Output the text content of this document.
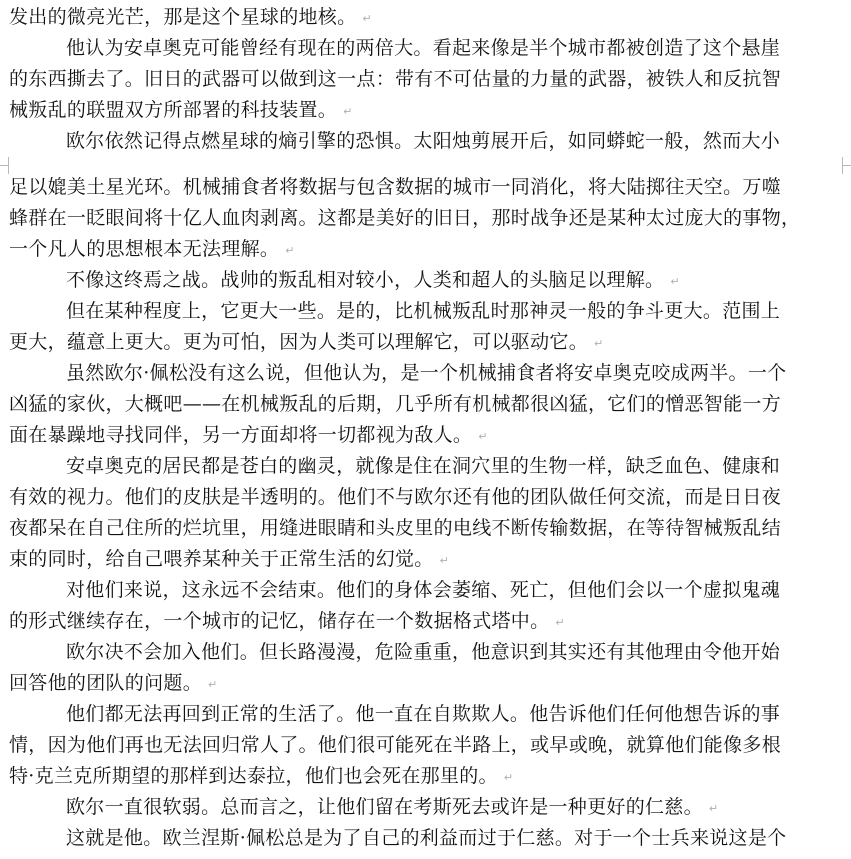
发出的微亮光芒，那是这个星球的地核。 ↵
他认为安卓奥克可能曾经有现在的两倍大。看起来像是半个城市都被创造了这个悬崖
的东西撕去了。旧日的武器可以做到这一点：带有不可估量的力量的武器，被铁人和反抗智
械叛乱的联盟双方所部署的科技装置。 ↵
欧尔依然记得点燃星球的熵引擎的恐惧。太阳烛剪展开后，如同蟒蛇一般，然而大小
足以媲美土星光环。机械捕食者将数据与包含数据的城市一同消化，将大陆掷往天空。万噬
蜂群在一眨眼间将十亿人血肉剥离。这都是美好的旧日，那时战争还是某种太过庞大的事物，
一个凡人的思想根本无法理解。 ↵
不像这终焉之战。战帅的叛乱相对较小，人类和超人的头脑足以理解。 ↵
但在某种程度上，它更大一些。是的，比机械叛乱时那神灵一般的争斗更大。范围上
更大，蕴意上更大。更为可怕，因为人类可以理解它，可以驱动它。 ↵
虽然欧尔·佩松没有这么说，但他认为，是一个机械捕食者将安卓奥克咬成两半。一个
凶猛的家伙，大概吧——在机械叛乱的后期，几乎所有机械都很凶猛，它们的憎恶智能一方
面在暴躁地寻找同伴，另一方面却将一切都视为敌人。 ↵
安卓奥克的居民都是苍白的幽灵，就像是住在洞穴里的生物一样，缺乏血色、健康和
有效的视力。他们的皮肤是半透明的。他们不与欧尔还有他的团队做任何交流，而是日日夜
夜都呆在自己住所的烂坑里，用缝进眼睛和头皮里的电线不断传输数据，在等待智械叛乱结
束的同时，给自己喂养某种关于正常生活的幻觉。 ↵
对他们来说，这永远不会结束。他们的身体会萎缩、死亡，但他们会以一个虚拟鬼魂
的形式继续存在，一个城市的记忆，储存在一个数据格式塔中。 ↵
欧尔决不会加入他们。但长路漫漫，危险重重，他意识到其实还有其他理由令他开始
回答他的团队的问题。 ↵
他们都无法再回到正常的生活了。他一直在自欺欺人。他告诉他们任何他想告诉的事
情，因为他们再也无法回归常人了。他们很可能死在半路上，或早或晚，就算他们能像多根
特·克兰克所期望的那样到达泰拉，他们也会死在那里的。 ↵
欧尔一直很软弱。总而言之，让他们留在考斯死去或许是一种更好的仁慈。 ↵
这就是他。欧兰涅斯·佩松总是为了自己的利益而过于仁慈。对于一个士兵来说这是个
